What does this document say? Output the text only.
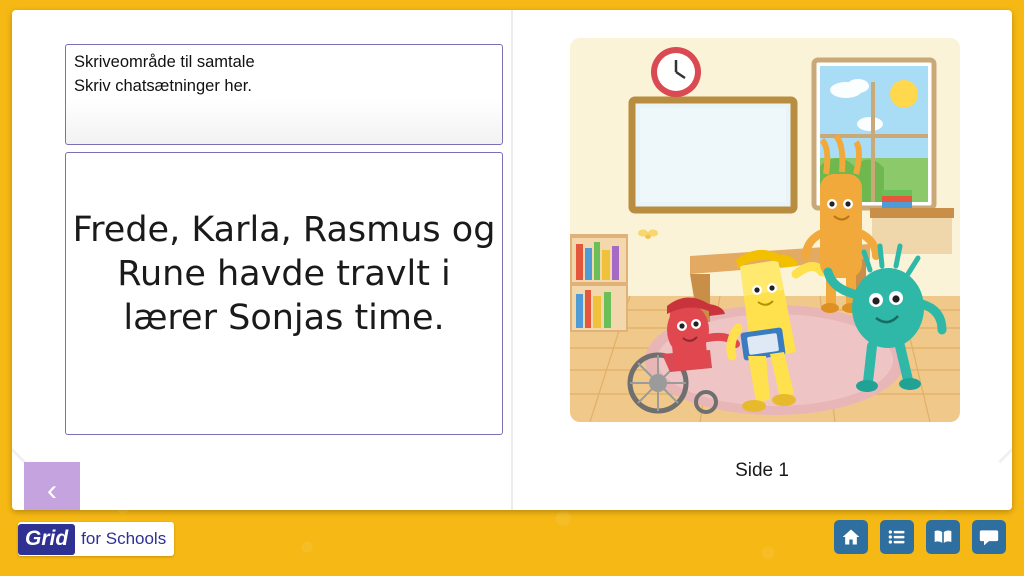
Skriveområde til samtale
Skriv chatsætninger her.
Frede, Karla, Rasmus og Rune havde travlt i lærer Sonjas time.
Side 1
‹	›
Grid for Schools
